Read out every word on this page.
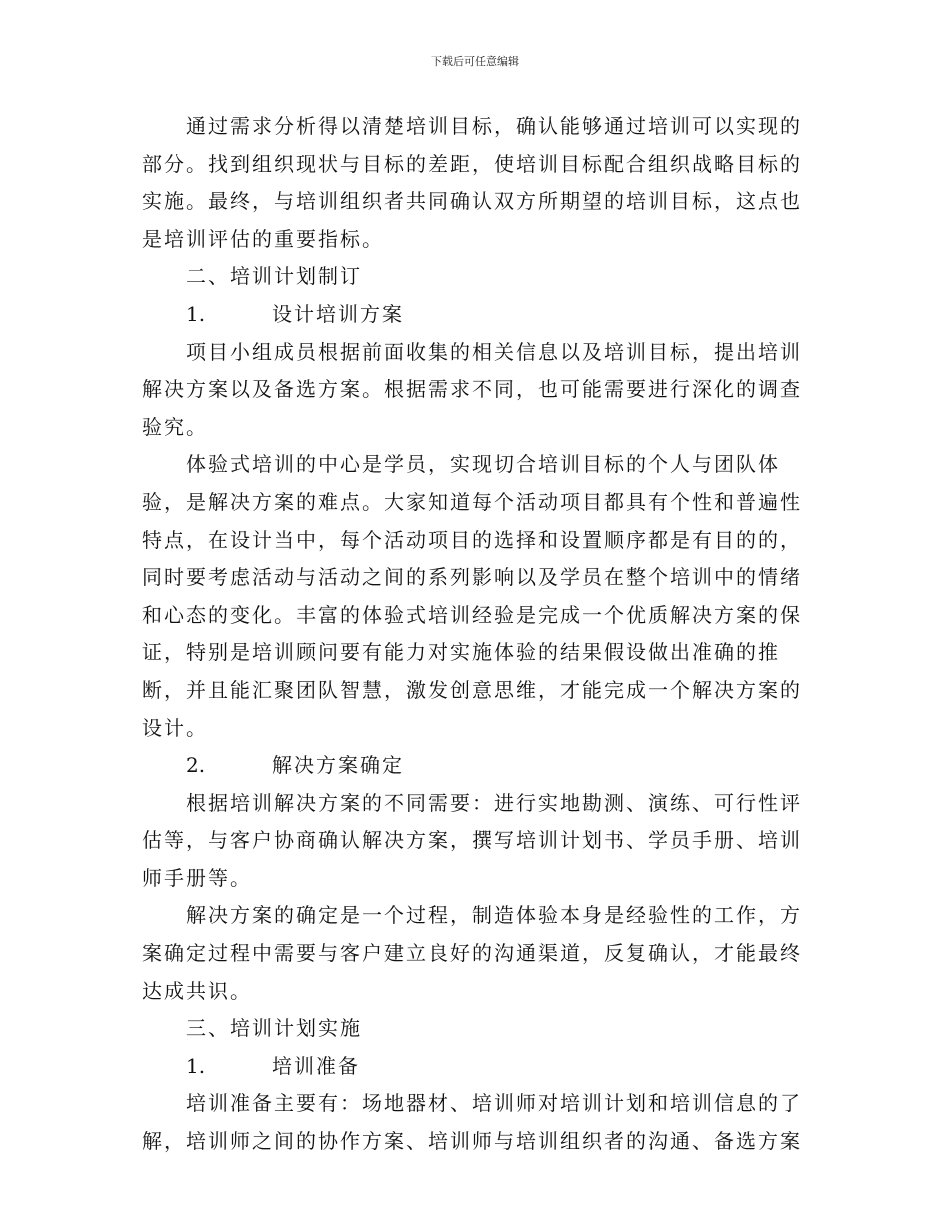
下载后可任意编辑

通过需求分析得以清楚培训目标，确认能够通过培训可以实现的部分。找到组织现状与目标的差距，使培训目标配合组织战略目标的实施。最终，与培训组织者共同确认双方所期望的培训目标，这点也是培训评估的重要指标。

二、培训计划制订

1.	设计培训方案

项目小组成员根据前面收集的相关信息以及培训目标，提出培训解决方案以及备选方案。根据需求不同，也可能需要进行深化的调查验究。

体验式培训的中心是学员，实现切合培训目标的个人与团队体验，是解决方案的难点。大家知道每个活动项目都具有个性和普遍性特点，在设计当中，每个活动项目的选择和设置顺序都是有目的的，同时要考虑活动与活动之间的系列影响以及学员在整个培训中的情绪和心态的变化。丰富的体验式培训经验是完成一个优质解决方案的保证，特别是培训顾问要有能力对实施体验的结果假设做出准确的推断，并且能汇聚团队智慧，激发创意思维，才能完成一个解决方案的设计。

2.	解决方案确定

根据培训解决方案的不同需要：进行实地勘测、演练、可行性评估等，与客户协商确认解决方案，撰写培训计划书、学员手册、培训师手册等。

解决方案的确定是一个过程，制造体验本身是经验性的工作，方案确定过程中需要与客户建立良好的沟通渠道，反复确认，才能最终达成共识。

三、培训计划实施

1.	培训准备

培训准备主要有：场地器材、培训师对培训计划和培训信息的了解，培训师之间的协作方案、培训师与培训组织者的沟通、备选方案
